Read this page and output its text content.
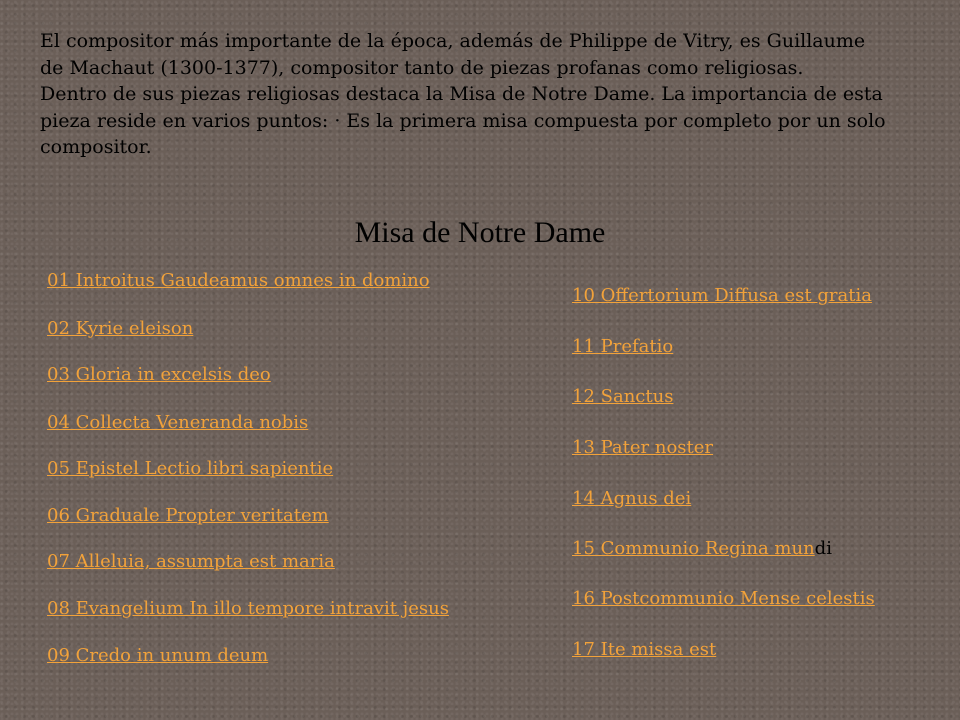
El compositor más importante de la época, además de Philippe de Vitry, es Guillaume de Machaut (1300-1377), compositor tanto de piezas profanas como religiosas.

Dentro de sus piezas religiosas destaca la Misa de Notre Dame. La importancia de esta pieza reside en varios puntos: · Es la primera misa compuesta por completo por un solo compositor.

Misa de Notre Dame
01 Introitus Gaudeamus omnes in domino
02 Kyrie eleison
03 Gloria in excelsis deo
04 Collecta Veneranda nobis
05 Epistel Lectio libri sapientie
06 Graduale Propter veritatem
07 Alleluia, assumpta est maria
08 Evangelium In illo tempore intravit jesus
09 Credo in unum deum
10 Offertorium Diffusa est gratia
11 Prefatio
12 Sanctus
13 Pater noster
14 Agnus dei
15 Communio Regina mundi
16 Postcommunio Mense celestis
17 Ite missa est
